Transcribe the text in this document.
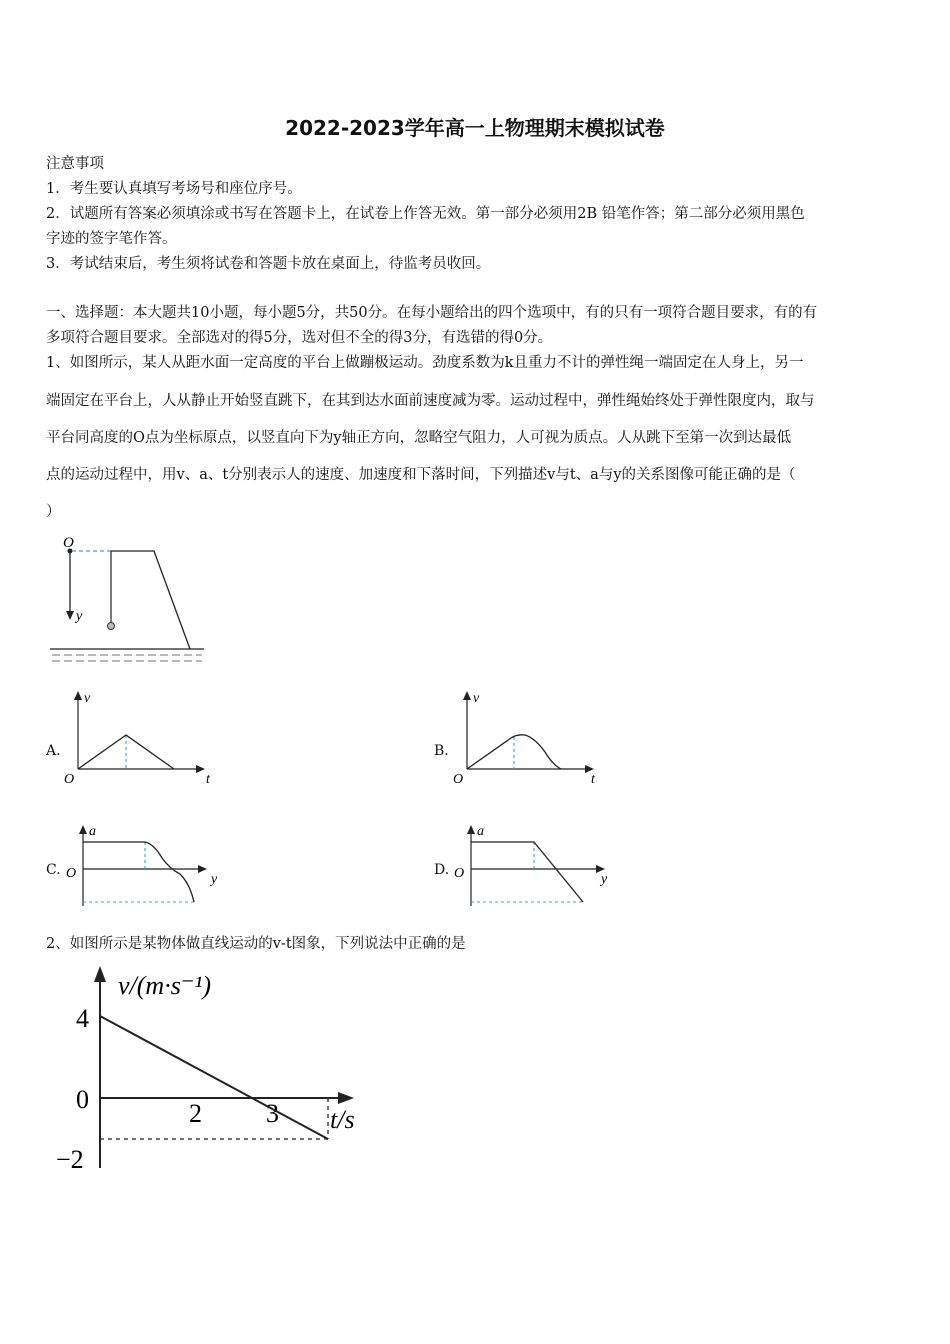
2022-2023学年高一上物理期末模拟试卷
注意事项
1．考生要认真填写考场号和座位序号。
2．试题所有答案必须填涂或书写在答题卡上，在试卷上作答无效。第一部分必须用2B 铅笔作答；第二部分必须用黑色
字迹的签字笔作答。
3．考试结束后，考生须将试卷和答题卡放在桌面上，待监考员收回。
一、选择题：本大题共10小题，每小题5分，共50分。在每小题给出的四个选项中，有的只有一项符合题目要求，有的有
多项符合题目要求。全部选对的得5分，选对但不全的得3分，有选错的得0分。
1、如图所示，某人从距水面一定高度的平台上做蹦极运动。劲度系数为k且重力不计的弹性绳一端固定在人身上，另一
端固定在平台上，人从静止开始竖直跳下，在其到达水面前速度减为零。运动过程中，弹性绳始终处于弹性限度内，取与
平台同高度的O点为坐标原点，以竖直向下为y轴正方向，忽略空气阻力，人可视为质点。人从跳下至第一次到达最低
点的运动过程中，用v、a、t分别表示人的速度、加速度和下落时间，下列描述v与t、a与y的关系图像可能正确的是（
）
O
y
A.
v
t
O
B.
v
t
O
C.
a
y
O	D.
a
y
O
2、如图所示是某物体做直线运动的v-t图象，下列说法中正确的是
v/(m·s⁻¹)
t/s
4
0
−2
2 3
